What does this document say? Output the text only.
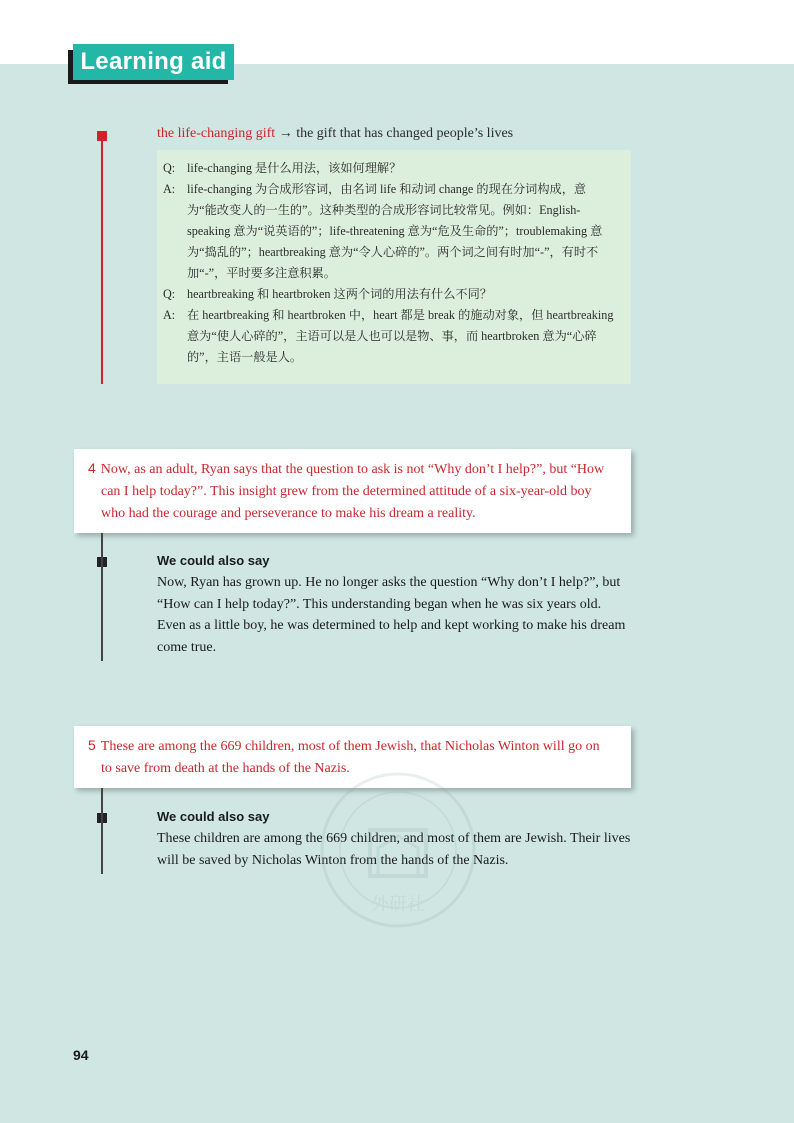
Learning aid
the life-changing gift → the gift that has changed people’s lives
Q: life-changing 是什么用法，该如何理解？
A: life-changing 为合成形容词，由名词 life 和动词 change 的现在分词构成，意为“能改变人的一生的”。这种类型的合成形容词比较常见。例如：English-speaking 意为“说英语的”；life-threatening 意为“危及生命的”；troublemaking 意为“捣乱的”；heartbreaking 意为“令人心碎的”。两个词之间有时加“-”，有时不加“-”，平时要多注意积累。
Q: heartbreaking 和 heartbroken 这两个词的用法有什么不同？
A: 在 heartbreaking 和 heartbroken 中，heart 都是 break 的施动对象，但 heartbreaking 意为“使人心碎的”，主语可以是人也可以是物、事，而 heartbroken 意为“心碎的”，主语一般是人。
4 Now, as an adult, Ryan says that the question to ask is not “Why don’t I help?”, but “How can I help today?”. This insight grew from the determined attitude of a six-year-old boy who had the courage and perseverance to make his dream a reality.
We could also say
Now, Ryan has grown up. He no longer asks the question “Why don’t I help?”, but “How can I help today?”. This understanding began when he was six years old. Even as a little boy, he was determined to help and kept working to make his dream come true.
5 These are among the 669 children, most of them Jewish, that Nicholas Winton will go on to save from death at the hands of the Nazis.
We could also say
These children are among the 669 children, and most of them are Jewish. Their lives will be saved by Nicholas Winton from the hands of the Nazis.
外研社
94
